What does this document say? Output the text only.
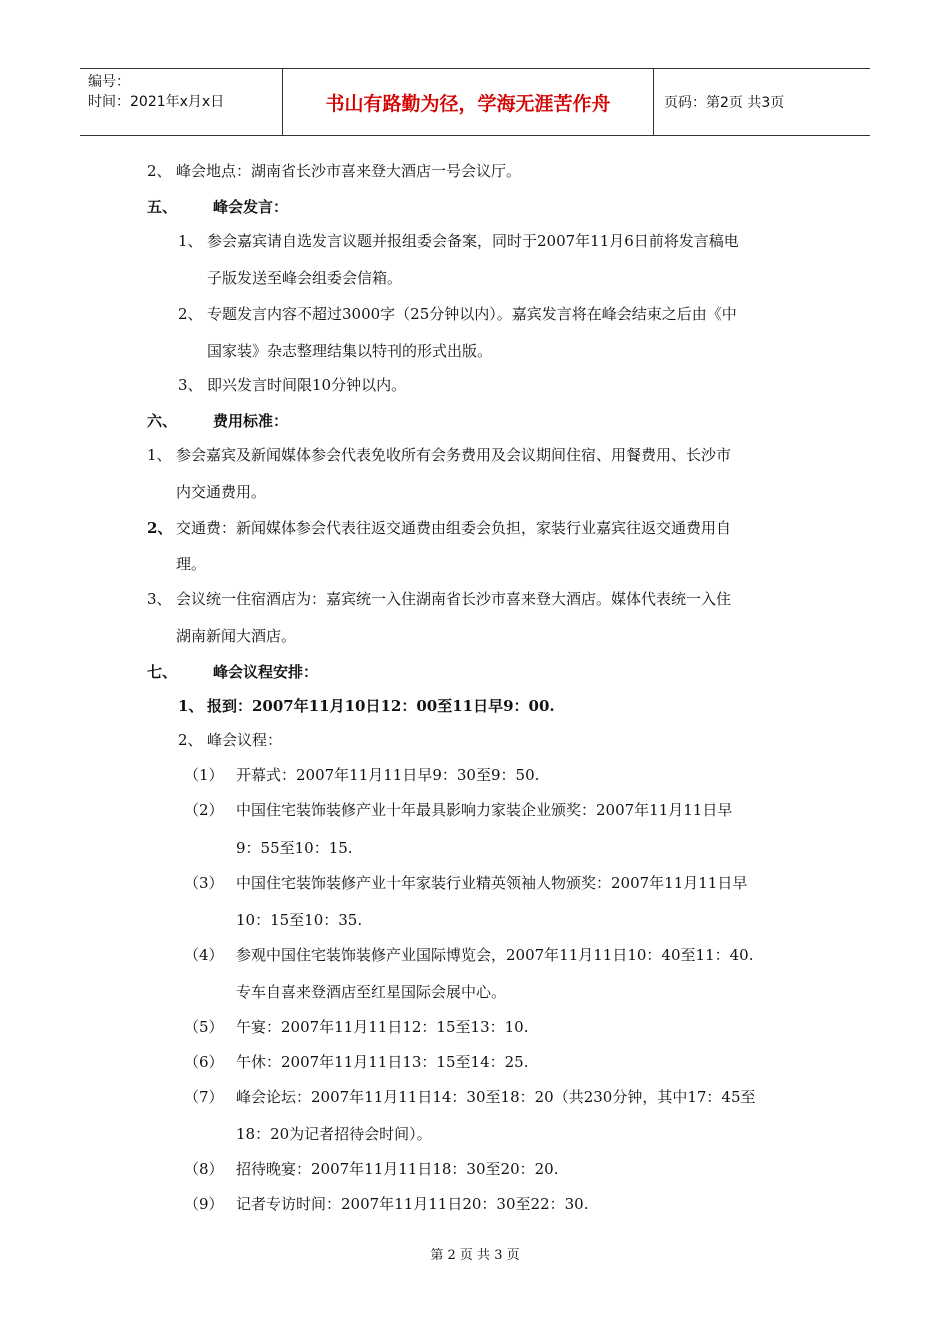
编号：
时间：2021年x月x日	书山有路勤为径，学海无涯苦作舟	页码：第2页 共3页
2、 峰会地点：湖南省长沙市喜来登大酒店一号会议厅。
五、 峰会发言：
1、 参会嘉宾请自选发言议题并报组委会备案，同时于2007年11月6日前将发言稿电
子版发送至峰会组委会信箱。
2、 专题发言内容不超过3000字（25分钟以内）。嘉宾发言将在峰会结束之后由《中
国家装》杂志整理结集以特刊的形式出版。
3、 即兴发言时间限10分钟以内。
六、 费用标准：
1、 参会嘉宾及新闻媒体参会代表免收所有会务费用及会议期间住宿、用餐费用、长沙市
内交通费用。
2、 交通费：新闻媒体参会代表往返交通费由组委会负担，家装行业嘉宾往返交通费用自
理。
3、 会议统一住宿酒店为：嘉宾统一入住湖南省长沙市喜来登大酒店。媒体代表统一入住
湖南新闻大酒店。
七、 峰会议程安排：
1、 报到：2007年11月10日12：00至11日早9：00.
2、 峰会议程：
（1） 开幕式：2007年11月11日早9：30至9：50.
（2） 中国住宅装饰装修产业十年最具影响力家装企业颁奖：2007年11月11日早
9：55至10：15.
（3） 中国住宅装饰装修产业十年家装行业精英领袖人物颁奖：2007年11月11日早
10：15至10：35.
（4） 参观中国住宅装饰装修产业国际博览会，2007年11月11日10：40至11：40.
专车自喜来登酒店至红星国际会展中心。
（5） 午宴：2007年11月11日12：15至13：10.
（6） 午休：2007年11月11日13：15至14：25.
（7） 峰会论坛：2007年11月11日14：30至18：20（共230分钟，其中17：45至
18：20为记者招待会时间）。
（8） 招待晚宴：2007年11月11日18：30至20：20.
（9） 记者专访时间：2007年11月11日20：30至22：30.
第 2 页 共 3 页
